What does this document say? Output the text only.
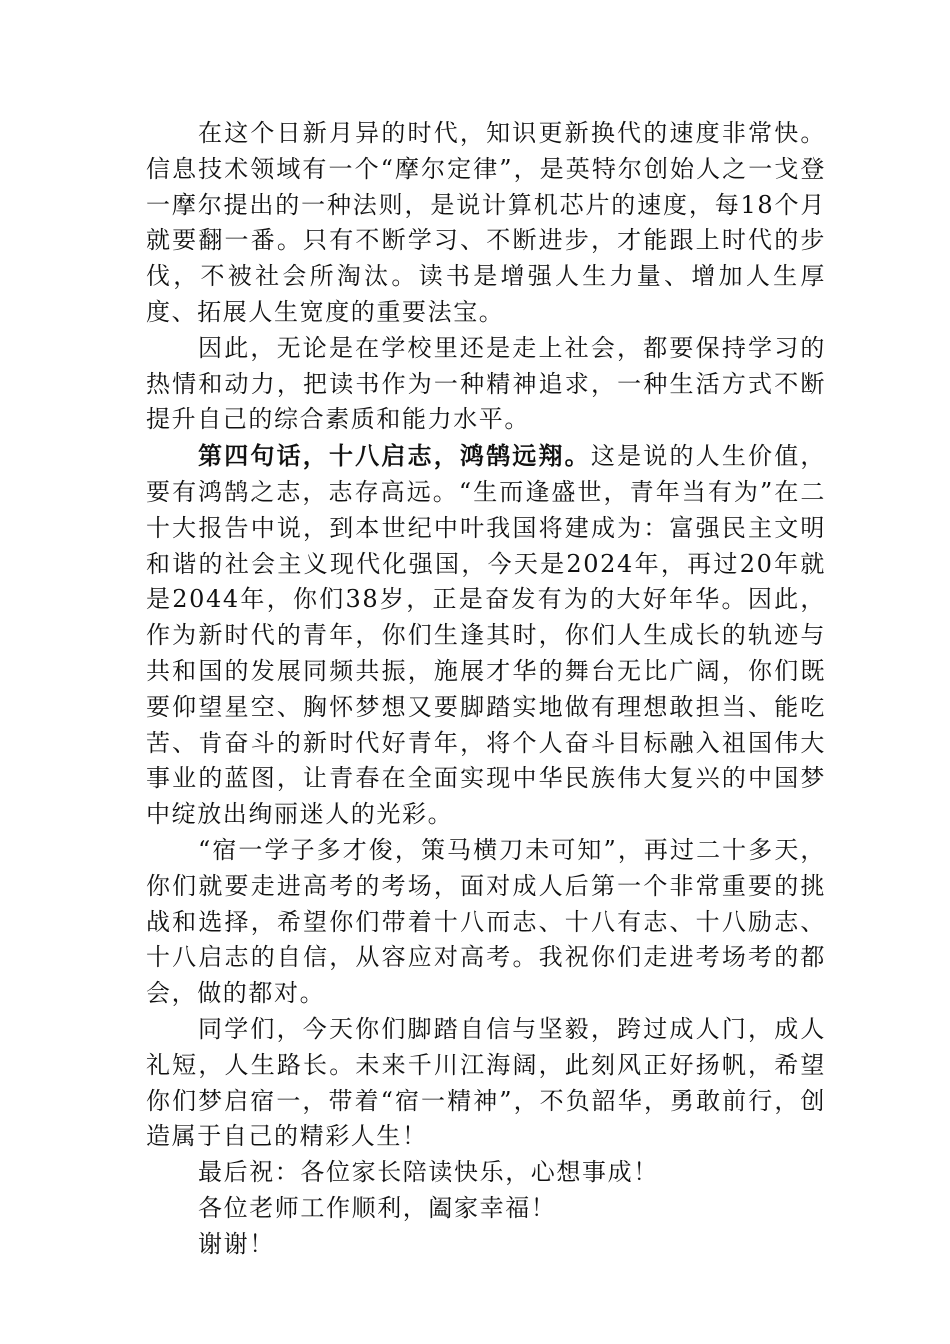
在这个日新月异的时代，知识更新换代的速度非常快。信息技术领域有一个“摩尔定律”，是英特尔创始人之一戈登一摩尔提出的一种法则，是说计算机芯片的速度，每18个月就要翻一番。只有不断学习、不断进步，才能跟上时代的步伐，不被社会所淘汰。读书是增强人生力量、增加人生厚度、拓展人生宽度的重要法宝。

因此，无论是在学校里还是走上社会，都要保持学习的热情和动力，把读书作为一种精神追求，一种生活方式不断提升自己的综合素质和能力水平。

第四句话，十八启志，鸿鹄远翔。这是说的人生价值，要有鸿鹄之志，志存高远。“生而逢盛世，青年当有为”在二十大报告中说，到本世纪中叶我国将建成为：富强民主文明和谐的社会主义现代化强国，今天是2024年，再过20年就是2044年，你们38岁，正是奋发有为的大好年华。因此，作为新时代的青年，你们生逢其时，你们人生成长的轨迹与共和国的发展同频共振，施展才华的舞台无比广阔，你们既要仰望星空、胸怀梦想又要脚踏实地做有理想敢担当、能吃苦、肯奋斗的新时代好青年，将个人奋斗目标融入祖国伟大事业的蓝图，让青春在全面实现中华民族伟大复兴的中国梦中绽放出绚丽迷人的光彩。

“宿一学子多才俊，策马横刀未可知”，再过二十多天，你们就要走进高考的考场，面对成人后第一个非常重要的挑战和选择，希望你们带着十八而志、十八有志、十八励志、十八启志的自信，从容应对高考。我祝你们走进考场考的都会，做的都对。

同学们，今天你们脚踏自信与坚毅，跨过成人门，成人礼短，人生路长。未来千川江海阔，此刻风正好扬帆，希望你们梦启宿一，带着“宿一精神”，不负韶华，勇敢前行，创造属于自己的精彩人生！

最后祝：各位家长陪读快乐，心想事成！

各位老师工作顺利，阖家幸福！

谢谢！
